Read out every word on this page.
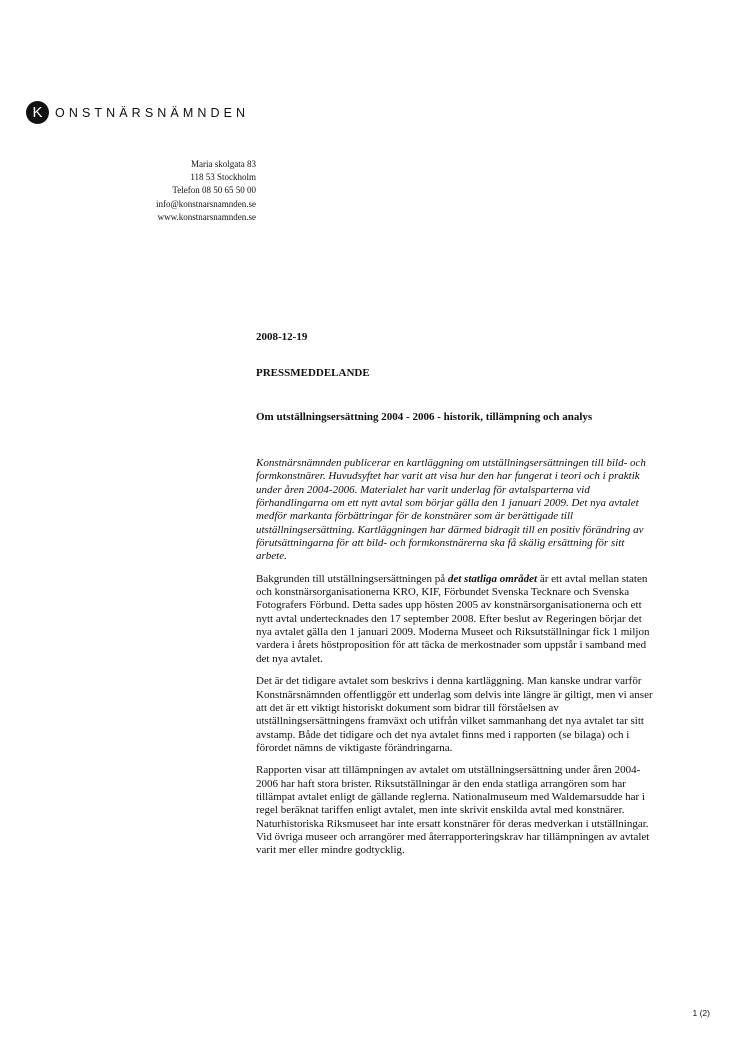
K	ONSTNÄRSNÄMNDEN
Maria skolgata 83
118 53 Stockholm
Telefon 08 50 65 50 00
info@konstnarsnamnden.se
www.konstnarsnamnden.se
2008-12-19
PRESSMEDDELANDE
Om utställningsersättning 2004 - 2006 - historik, tillämpning och analys

Konstnärsnämnden publicerar en kartläggning om utställningsersättningen till bild- och formkonstnärer. Huvudsyftet har varit att visa hur den har fungerat i teori och i praktik under åren 2004-2006. Materialet har varit underlag för avtalsparterna vid förhandlingarna om ett nytt avtal som börjar gälla den 1 januari 2009. Det nya avtalet medför markanta förbättringar för de konstnärer som är berättigade till utställningsersättning. Kartläggningen har därmed bidragit till en positiv förändring av förutsättningarna för att bild- och formkonstnärerna ska få skälig ersättning för sitt arbete.

Bakgrunden till utställningsersättningen på det statliga området är ett avtal mellan staten och konstnärsorganisationerna KRO, KIF, Förbundet Svenska Tecknare och Svenska Fotografers Förbund. Detta sades upp hösten 2005 av konstnärsorganisationerna och ett nytt avtal undertecknades den 17 september 2008. Efter beslut av Regeringen börjar det nya avtalet gälla den 1 januari 2009. Moderna Museet och Riksutställningar fick 1 miljon vardera i årets höstproposition för att täcka de merkostnader som uppstår i samband med det nya avtalet.

Det är det tidigare avtalet som beskrivs i denna kartläggning. Man kanske undrar varför Konstnärsnämnden offentliggör ett underlag som delvis inte längre är giltigt, men vi anser att det är ett viktigt historiskt dokument som bidrar till förståelsen av utställningsersättningens framväxt och utifrån vilket sammanhang det nya avtalet tar sitt avstamp. Både det tidigare och det nya avtalet finns med i rapporten (se bilaga) och i förordet nämns de viktigaste förändringarna.

Rapporten visar att tillämpningen av avtalet om utställningsersättning under åren 2004-2006 har haft stora brister. Riksutställningar är den enda statliga arrangören som har tillämpat avtalet enligt de gällande reglerna. Nationalmuseum med Waldemarsudde har i regel beräknat tariffen enligt avtalet, men inte skrivit enskilda avtal med konstnärer. Naturhistoriska Riksmuseet har inte ersatt konstnärer för deras medverkan i utställningar. Vid övriga museer och arrangörer med återrapporteringskrav har tillämpningen av avtalet varit mer eller mindre godtycklig.

1 (2)
